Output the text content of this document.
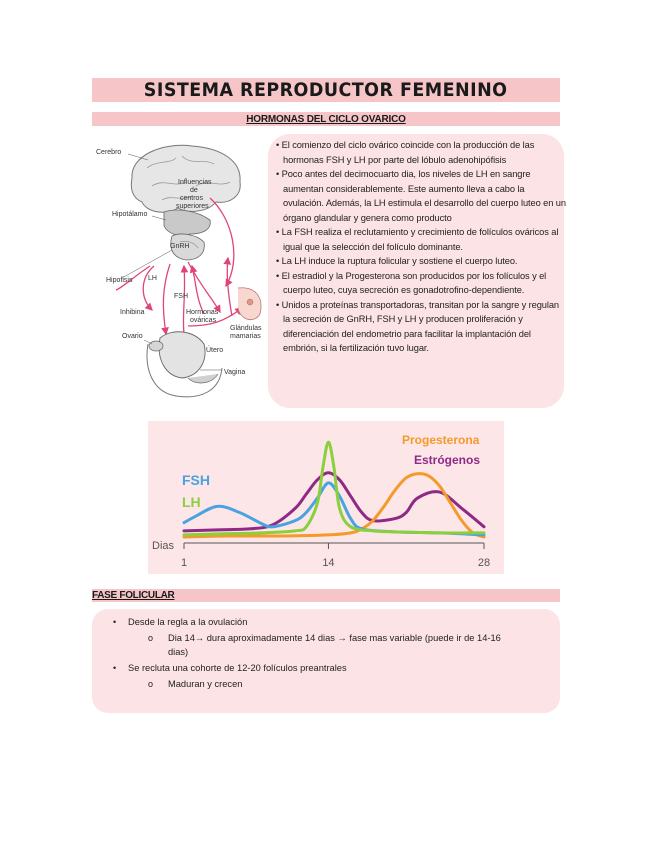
SISTEMA REPRODUCTOR FEMENINO
HORMONAS DEL CICLO OVARICO
Cerebro
Influencias
de
centros
superiores
Hipotálamo
GnRH
Hipofisis LH
FSH
Inhibina	Hormonas
ováricas
Glándulas
mamarias
Ovario
Útero
Vagina
• El comienzo del ciclo ovárico coincide con la producción de las hormonas FSH y LH por parte del lóbulo adenohipófisis
• Poco antes del decimocuarto dia, los niveles de LH en sangre aumentan considerablemente. Este aumento lleva a cabo la ovulación. Además, la LH estimula el desarrollo del cuerpo luteo en un órgano glandular y genera como producto
• La FSH realiza el reclutamiento y crecimiento de folículos ováricos al igual que la selección del folículo dominante.
• La LH induce la ruptura folicular y sostiene el cuerpo luteo.
• El estradiol y la Progesterona son producidos por los folículos y el cuerpo luteo, cuya secreción es gonadotrofino-dependiente.
• Unidos a proteínas transportadoras, transitan por la sangre y regulan la secreción de GnRH, FSH y LH y producen proliferación y diferenciación del endometrio para facilitar la implantación del embrión, si la fertilización tuvo lugar.
Dias
1	14	28
FSH
LH
Progesterona
Estrógenos
FASE FOLICULAR
• Desde la regla a la ovulación
o Dia 14→ dura aproximadamente 14 dias → fase mas variable (puede ir de 14-16
dias)
• Se recluta una cohorte de 12-20 folículos preantrales
o Maduran y crecen
